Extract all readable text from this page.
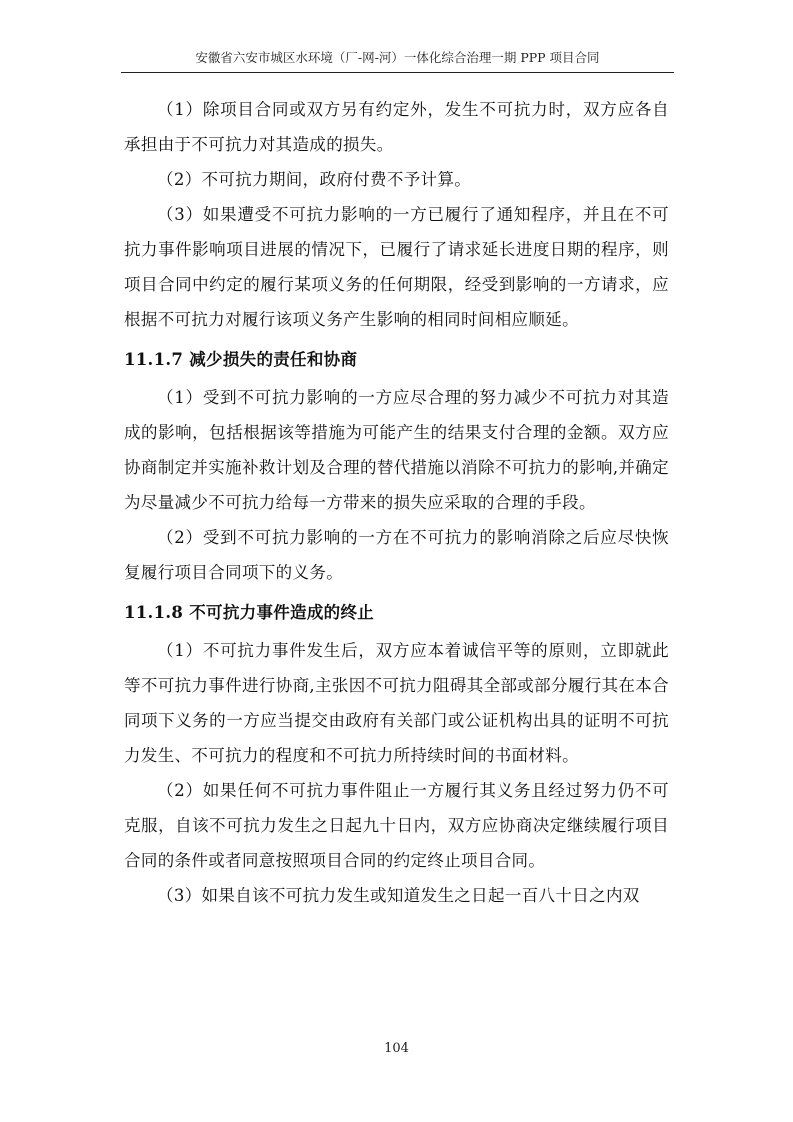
安徽省六安市城区水环境（厂-网-河）一体化综合治理一期 PPP 项目合同

（1）除项目合同或双方另有约定外，发生不可抗力时，双方应各自承担由于不可抗力对其造成的损失。

（2）不可抗力期间，政府付费不予计算。

（3）如果遭受不可抗力影响的一方已履行了通知程序，并且在不可抗力事件影响项目进展的情况下，已履行了请求延长进度日期的程序，则项目合同中约定的履行某项义务的任何期限，经受到影响的一方请求，应根据不可抗力对履行该项义务产生影响的相同时间相应顺延。

11.1.7 减少损失的责任和协商

（1）受到不可抗力影响的一方应尽合理的努力减少不可抗力对其造成的影响，包括根据该等措施为可能产生的结果支付合理的金额。双方应协商制定并实施补救计划及合理的替代措施以消除不可抗力的影响,并确定为尽量减少不可抗力给每一方带来的损失应采取的合理的手段。

（2）受到不可抗力影响的一方在不可抗力的影响消除之后应尽快恢复履行项目合同项下的义务。

11.1.8 不可抗力事件造成的终止

（1）不可抗力事件发生后，双方应本着诚信平等的原则，立即就此等不可抗力事件进行协商,主张因不可抗力阻碍其全部或部分履行其在本合同项下义务的一方应当提交由政府有关部门或公证机构出具的证明不可抗力发生、不可抗力的程度和不可抗力所持续时间的书面材料。

（2）如果任何不可抗力事件阻止一方履行其义务且经过努力仍不可克服，自该不可抗力发生之日起九十日内，双方应协商决定继续履行项目合同的条件或者同意按照项目合同的约定终止项目合同。

（3）如果自该不可抗力发生或知道发生之日起一百八十日之内双

104
